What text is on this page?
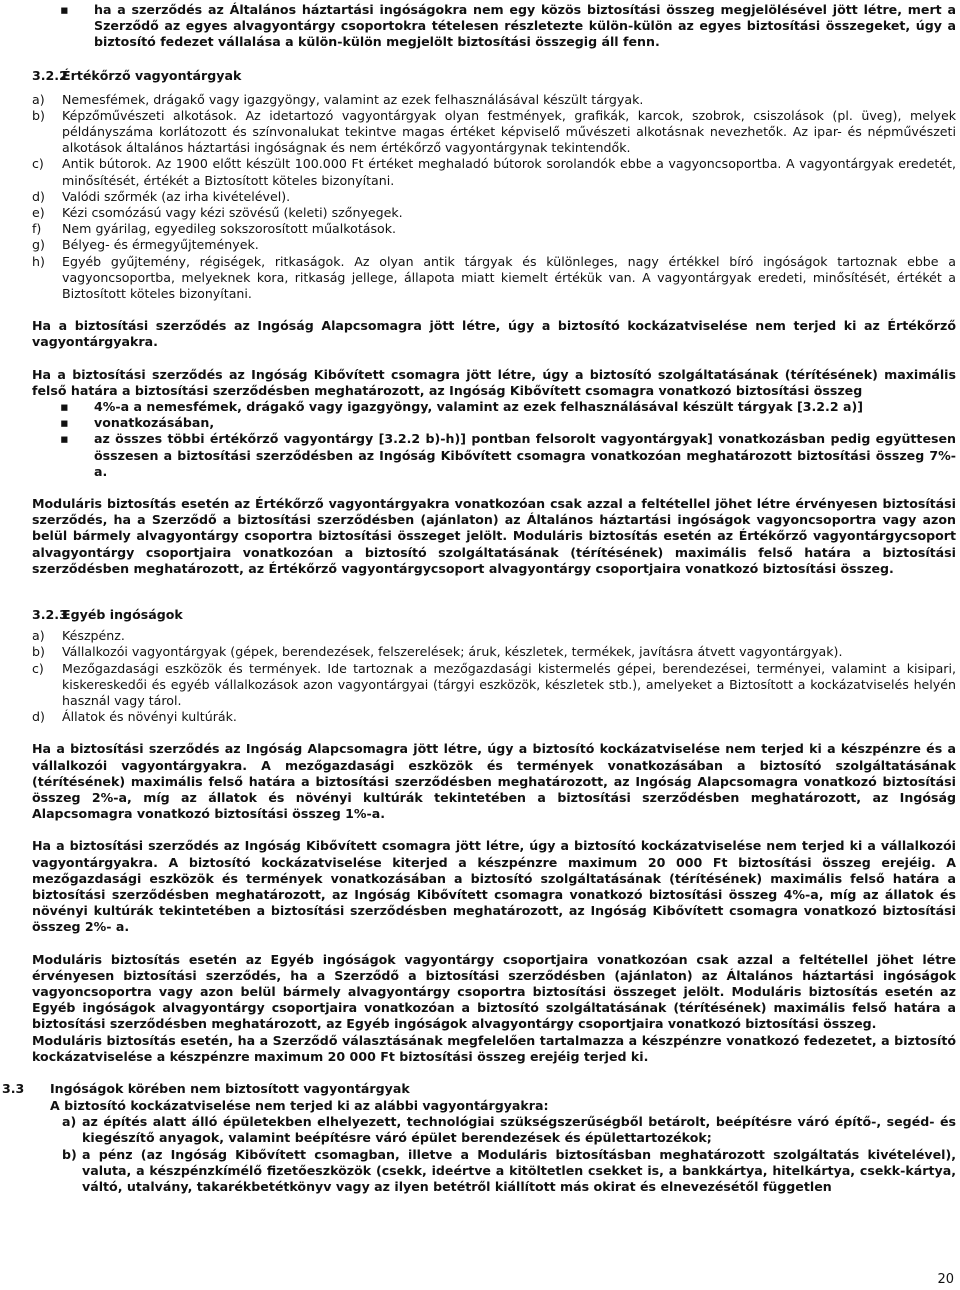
▪ ha a szerződés az Általános háztartási ingóságokra nem egy közös biztosítási összeg megjelölésével jött létre, mert a Szerződő az egyes alvagyontárgy csoportokra tételesen részletezte külön-külön az egyes biztosítási összegeket, úgy a biztosító fedezet vállalása a külön-külön megjelölt biztosítási összegig áll fenn.

3.2.2
Értékőrző vagyontárgyak

a) Nemesfémek, drágakő vagy igazgyöngy, valamint az ezek felhasználásával készült tárgyak.

b) Képzőművészeti alkotások. Az idetartozó vagyontárgyak olyan festmények, grafikák, karcok, szobrok, csiszolások (pl. üveg), melyek példányszáma korlátozott és színvonalukat tekintve magas értéket képviselő művészeti alkotásnak nevezhetők. Az ipar- és népművészeti alkotások általános háztartási ingóságnak és nem értékőrző vagyontárgynak tekintendők.

c) Antik bútorok. Az 1900 előtt készült 100.000 Ft értéket meghaladó bútorok sorolandók ebbe a vagyoncsoportba. A vagyontárgyak eredetét, minősítését, értékét a Biztosított köteles bizonyítani.

d) Valódi szőrmék (az irha kivételével).

e) Kézi csomózású vagy kézi szövésű (keleti) szőnyegek.

f) Nem gyárilag, egyedileg sokszorosított műalkotások.

g) Bélyeg- és érmegyűjtemények.

h) Egyéb gyűjtemény, régiségek, ritkaságok. Az olyan antik tárgyak és különleges, nagy értékkel bíró ingóságok tartoznak ebbe a vagyoncsoportba, melyeknek kora, ritkaság jellege, állapota miatt kiemelt értékük van. A vagyontárgyak eredeti, minősítését, értékét a Biztosított köteles bizonyítani.

Ha a biztosítási szerződés az Ingóság Alapcsomagra jött létre, úgy a biztosító kockázatviselése nem terjed ki az Értékőrző vagyontárgyakra.

Ha a biztosítási szerződés az Ingóság Kibővített csomagra jött létre, úgy a biztosító szolgáltatásának (térítésének) maximális felső határa a biztosítási szerződésben meghatározott, az Ingóság Kibővített csomagra vonatkozó biztosítási összeg

▪ 4%-a a nemesfémek, drágakő vagy igazgyöngy, valamint az ezek felhasználásával készült tárgyak [3.2.2 a)]

▪ vonatkozásában,

▪ az összes többi értékőrző vagyontárgy [3.2.2 b)-h)] pontban felsorolt vagyontárgyak] vonatkozásban pedig együttesen összesen a biztosítási szerződésben az Ingóság Kibővített csomagra vonatkozóan meghatározott biztosítási összeg 7%-a.

Moduláris biztosítás esetén az Értékőrző vagyontárgyakra vonatkozóan csak azzal a feltétellel jöhet létre érvényesen biztosítási szerződés, ha a Szerződő a biztosítási szerződésben (ajánlaton) az Általános háztartási ingóságok vagyoncsoportra vagy azon belül bármely alvagyontárgy csoportra biztosítási összeget jelölt. Moduláris biztosítás esetén az Értékőrző vagyontárgycsoport alvagyontárgy csoportjaira vonatkozóan a biztosító szolgáltatásának (térítésének) maximális felső határa a biztosítási szerződésben meghatározott, az Értékőrző vagyontárgycsoport alvagyontárgy csoportjaira vonatkozó biztosítási összeg.

3.2.3
Egyéb ingóságok

a) Készpénz.

b) Vállalkozói vagyontárgyak (gépek, berendezések, felszerelések; áruk, készletek, termékek, javításra átvett vagyontárgyak).

c) Mezőgazdasági eszközök és termények. Ide tartoznak a mezőgazdasági kistermelés gépei, berendezései, terményei, valamint a kisipari, kiskereskedői és egyéb vállalkozások azon vagyontárgyai (tárgyi eszközök, készletek stb.), amelyeket a Biztosított a kockázatviselés helyén használ vagy tárol.

d) Állatok és növényi kultúrák.

Ha a biztosítási szerződés az Ingóság Alapcsomagra jött létre, úgy a biztosító kockázatviselése nem terjed ki a készpénzre és a vállalkozói vagyontárgyakra. A mezőgazdasági eszközök és termények vonatkozásában a biztosító szolgáltatásának (térítésének) maximális felső határa a biztosítási szerződésben meghatározott, az Ingóság Alapcsomagra vonatkozó biztosítási összeg 2%-a, míg az állatok és növényi kultúrák tekintetében a biztosítási szerződésben meghatározott, az Ingóság Alapcsomagra vonatkozó biztosítási összeg 1%-a.

Ha a biztosítási szerződés az Ingóság Kibővített csomagra jött létre, úgy a biztosító kockázatviselése nem terjed ki a vállalkozói vagyontárgyakra. A biztosító kockázatviselése kiterjed a készpénzre maximum 20 000 Ft biztosítási összeg erejéig. A mezőgazdasági eszközök és termények vonatkozásában a biztosító szolgáltatásának (térítésének) maximális felső határa a biztosítási szerződésben meghatározott, az Ingóság Kibővített csomagra vonatkozó biztosítási összeg 4%-a, míg az állatok és növényi kultúrák tekintetében a biztosítási szerződésben meghatározott, az Ingóság Kibővített csomagra vonatkozó biztosítási összeg 2%- a.

Moduláris biztosítás esetén az Egyéb ingóságok vagyontárgy csoportjaira vonatkozóan csak azzal a feltétellel jöhet létre érvényesen biztosítási szerződés, ha a Szerződő a biztosítási szerződésben (ajánlaton) az Általános háztartási ingóságok vagyoncsoportra vagy azon belül bármely alvagyontárgy csoportra biztosítási összeget jelölt. Moduláris biztosítás esetén az Egyéb ingóságok alvagyontárgy csoportjaira vonatkozóan a biztosító szolgáltatásának (térítésének) maximális felső határa a biztosítási szerződésben meghatározott, az Egyéb ingóságok alvagyontárgy csoportjaira vonatkozó biztosítási összeg.

Moduláris biztosítás esetén, ha a Szerződő választásának megfelelően tartalmazza a készpénzre vonatkozó fedezetet, a biztosító kockázatviselése a készpénzre maximum 20 000 Ft biztosítási összeg erejéig terjed ki.

3.3 Ingóságok körében nem biztosított vagyontárgyak

A biztosító kockázatviselése nem terjed ki az alábbi vagyontárgyakra:

a) az építés alatt álló épületekben elhelyezett, technológiai szükségszerűségből betárolt, beépítésre váró építő-, segéd- és kiegészítő anyagok, valamint beépítésre váró épület berendezések és épülettartozékok;

b) a pénz (az Ingóság Kibővített csomagban, illetve a Moduláris biztosításban meghatározott szolgáltatás kivételével), valuta, a készpénzkímélő fizetőeszközök (csekk, ideértve a kitöltetlen csekket is, a bankkártya, hitelkártya, csekk-kártya, váltó, utalvány, takarékbetétkönyv vagy az ilyen betétről kiállított más okirat és elnevezésétől független

20
